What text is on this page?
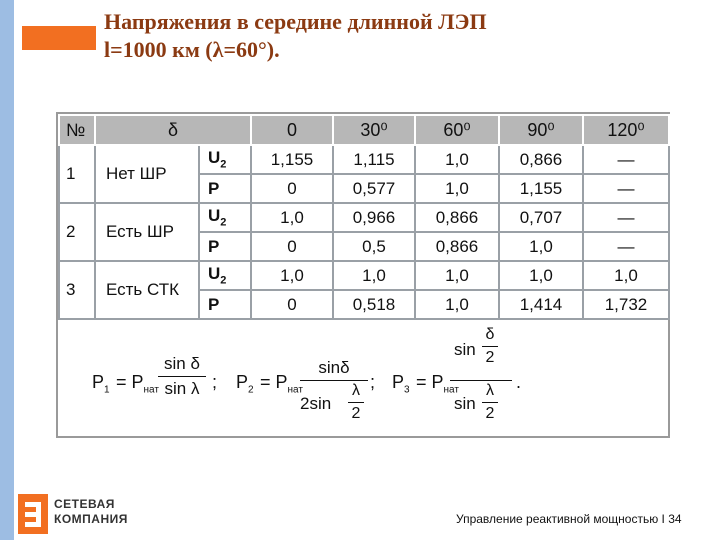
Напряжения в середине длинной ЛЭП
l=1000 км (λ=60°).
№	δ		0	30⁰	60⁰	90⁰	120⁰
1	Нет ШР	$U_2$	1,155	1,115	1,0	0,866	—
		P	0	0,577	1,0	1,155	—
2	Есть ШР	$U_2$	1,0	0,966	0,866	0,707	—
		P	0	0,5	0,866	1,0	—
3	Есть СТК	$U_2$	1,0	1,0	1,0	1,0	1,0
		P	0	0,518	1,0	1,414	1,732
$P_1 = P_{нат}$
sin δ
sin λ ; $P_2 = P_{нат}$
sinδ
2sin
λ
2
; $P_3 = P_{нат}$
sin
δ
2
sin
λ
2
.
СЕТЕВАЯ
КОМПАНИЯ	Управление реактивной мощностью I 34
